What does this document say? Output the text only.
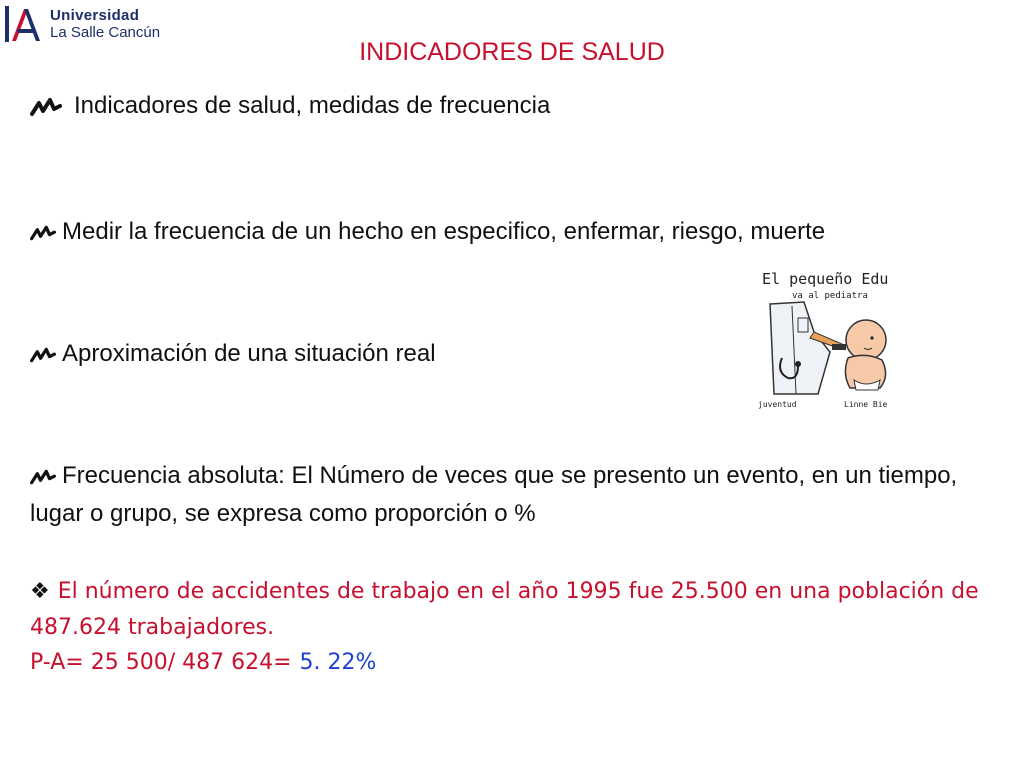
Universidad
La Salle Cancún
INDICADORES DE SALUD
Indicadores de salud, medidas de frecuencia
Medir la frecuencia de un hecho en especifico, enfermar, riesgo, muerte
Aproximación de una situación real
Frecuencia absoluta: El Número de veces que se presento un evento, en un tiempo, lugar o grupo, se expresa como proporción o %
El pequeño Edu
va al pediatra
juventud	Linne Bie
❖ El número de accidentes de trabajo en el año 1995 fue 25.500 en una población de 487.624 trabajadores.
P-A= 25 500/ 487 624= 5. 22%
